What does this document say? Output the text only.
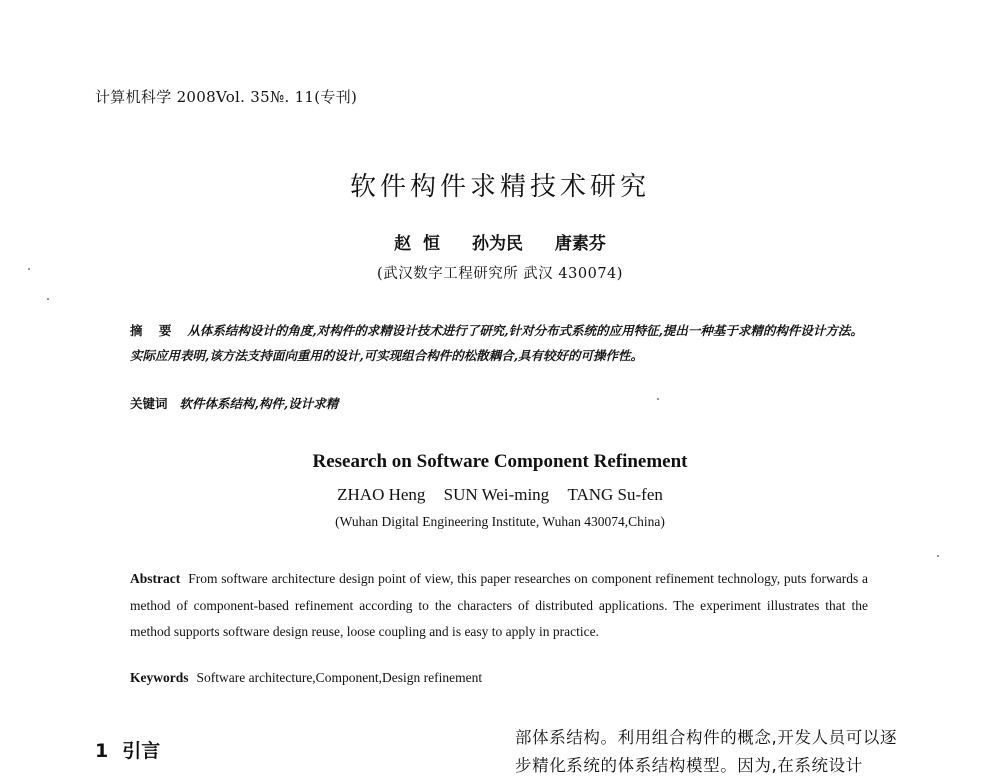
计算机科学 2008Vol. 35№. 11(专刊)

软件构件求精技术研究

赵 恒 孙为民 唐素芬

(武汉数字工程研究所 武汉 430074)

摘 要 从体系结构设计的角度,对构件的求精设计技术进行了研究,针对分布式系统的应用特征,提出一种基于求精的构件设计方法。实际应用表明,该方法支持面向重用的设计,可实现组合构件的松散耦合,具有较好的可操作性。

关键词 软件体系结构,构件,设计求精

Research on Software Component Refinement

ZHAO Heng SUN Wei-ming TANG Su-fen

(Wuhan Digital Engineering Institute, Wuhan 430074,China)

Abstract From software architecture design point of view, this paper researches on component refinement technology, puts forwards a method of component-based refinement according to the characters of distributed applications. The experiment illustrates that the method supports software design reuse, loose coupling and is easy to apply in practice.

Keywords Software architecture,Component,Design refinement

1 引言

部体系结构。利用组合构件的概念,开发人员可以逐步精化系统的体系结构模型。因为,在系统设计
